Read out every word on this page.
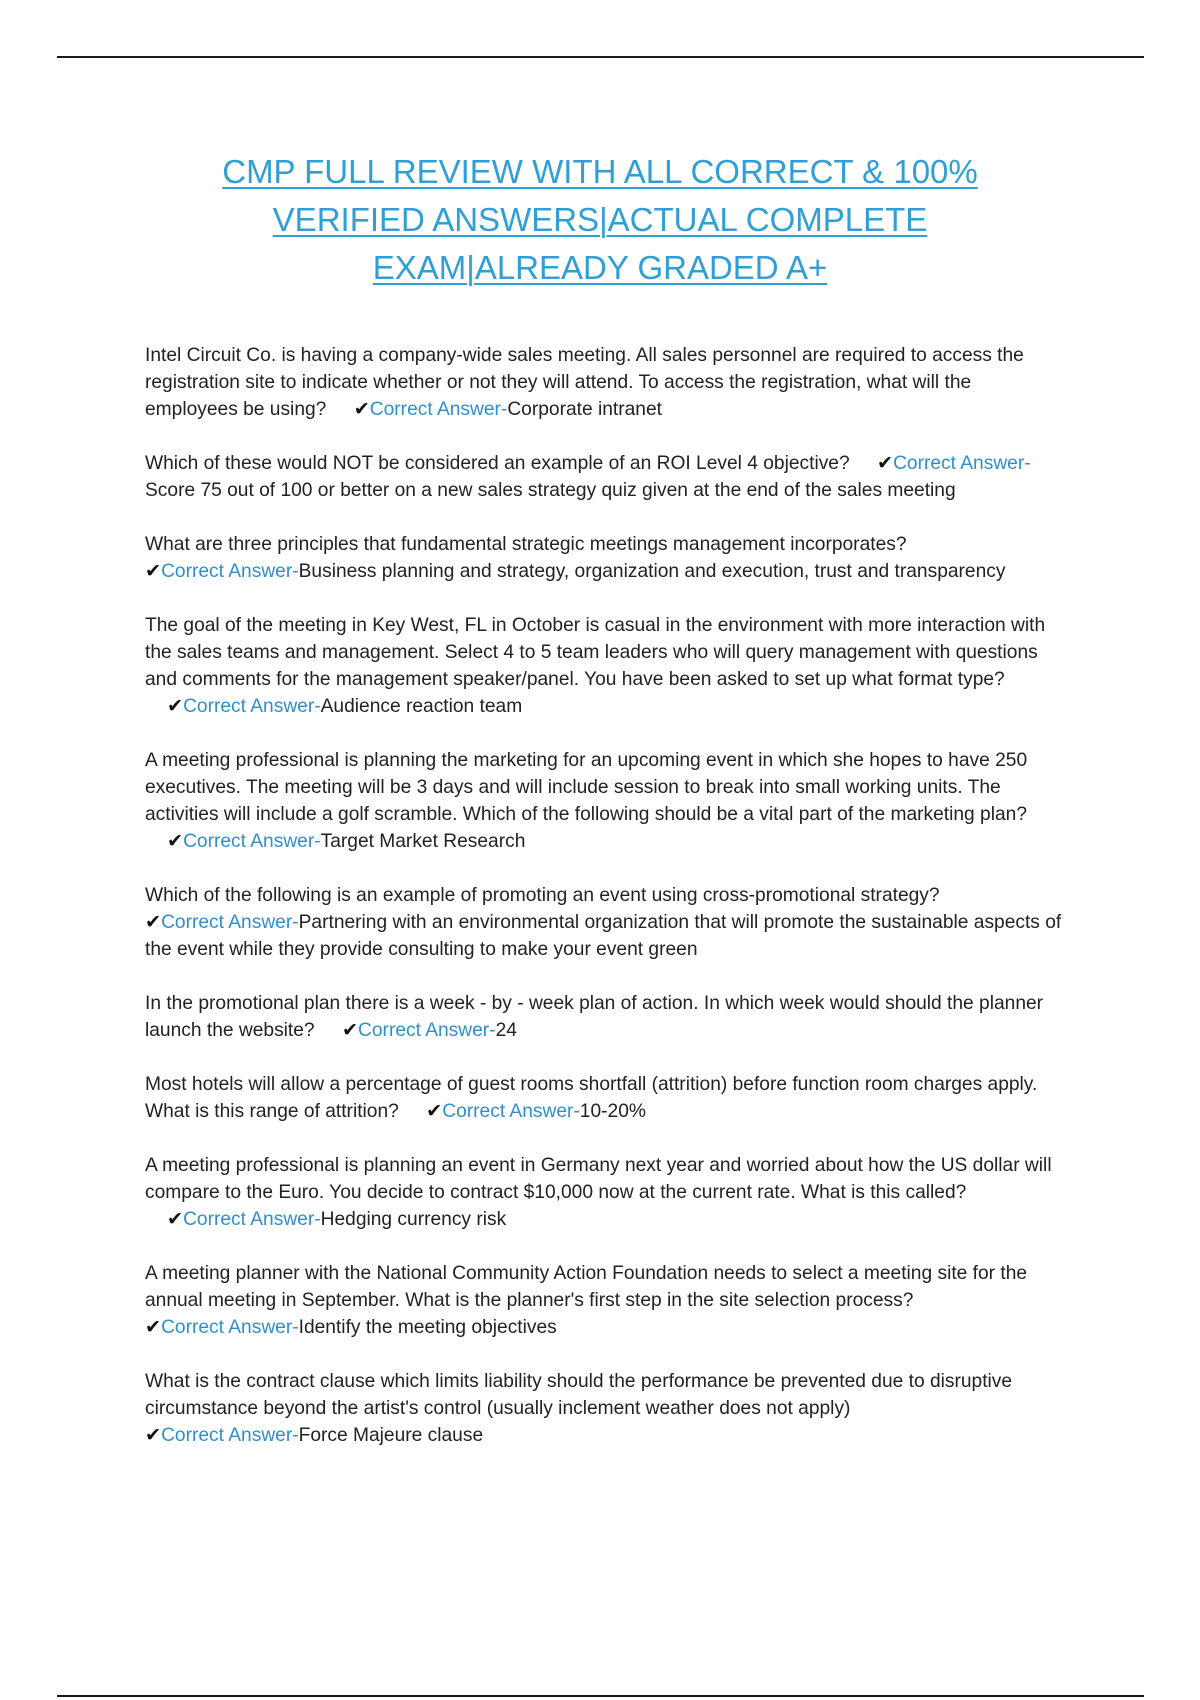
CMP FULL REVIEW WITH ALL CORRECT & 100% VERIFIED ANSWERS|ACTUAL COMPLETE EXAM|ALREADY GRADED A+

Intel Circuit Co. is having a company-wide sales meeting. All sales personnel are required to access the registration site to indicate whether or not they will attend. To access the registration, what will the employees be using? ✔Correct Answer-Corporate intranet

Which of these would NOT be considered an example of an ROI Level 4 objective? ✔Correct Answer-Score 75 out of 100 or better on a new sales strategy quiz given at the end of the sales meeting

What are three principles that fundamental strategic meetings management incorporates?
✔Correct Answer-Business planning and strategy, organization and execution, trust and transparency

The goal of the meeting in Key West, FL in October is casual in the environment with more interaction with the sales teams and management. Select 4 to 5 team leaders who will query management with questions and comments for the management speaker/panel. You have been asked to set up what format type? ✔Correct Answer-Audience reaction team

A meeting professional is planning the marketing for an upcoming event in which she hopes to have 250 executives. The meeting will be 3 days and will include session to break into small working units. The activities will include a golf scramble. Which of the following should be a vital part of the marketing plan? ✔Correct Answer-Target Market Research

Which of the following is an example of promoting an event using cross-promotional strategy?
✔Correct Answer-Partnering with an environmental organization that will promote the sustainable aspects of the event while they provide consulting to make your event green

In the promotional plan there is a week - by - week plan of action. In which week would should the planner launch the website? ✔Correct Answer-24

Most hotels will allow a percentage of guest rooms shortfall (attrition) before function room charges apply. What is this range of attrition? ✔Correct Answer-10-20%

A meeting professional is planning an event in Germany next year and worried about how the US dollar will compare to the Euro. You decide to contract $10,000 now at the current rate. What is this called? ✔Correct Answer-Hedging currency risk

A meeting planner with the National Community Action Foundation needs to select a meeting site for the annual meeting in September. What is the planner's first step in the site selection process?
✔Correct Answer-Identify the meeting objectives

What is the contract clause which limits liability should the performance be prevented due to disruptive circumstance beyond the artist's control (usually inclement weather does not apply)
✔Correct Answer-Force Majeure clause
